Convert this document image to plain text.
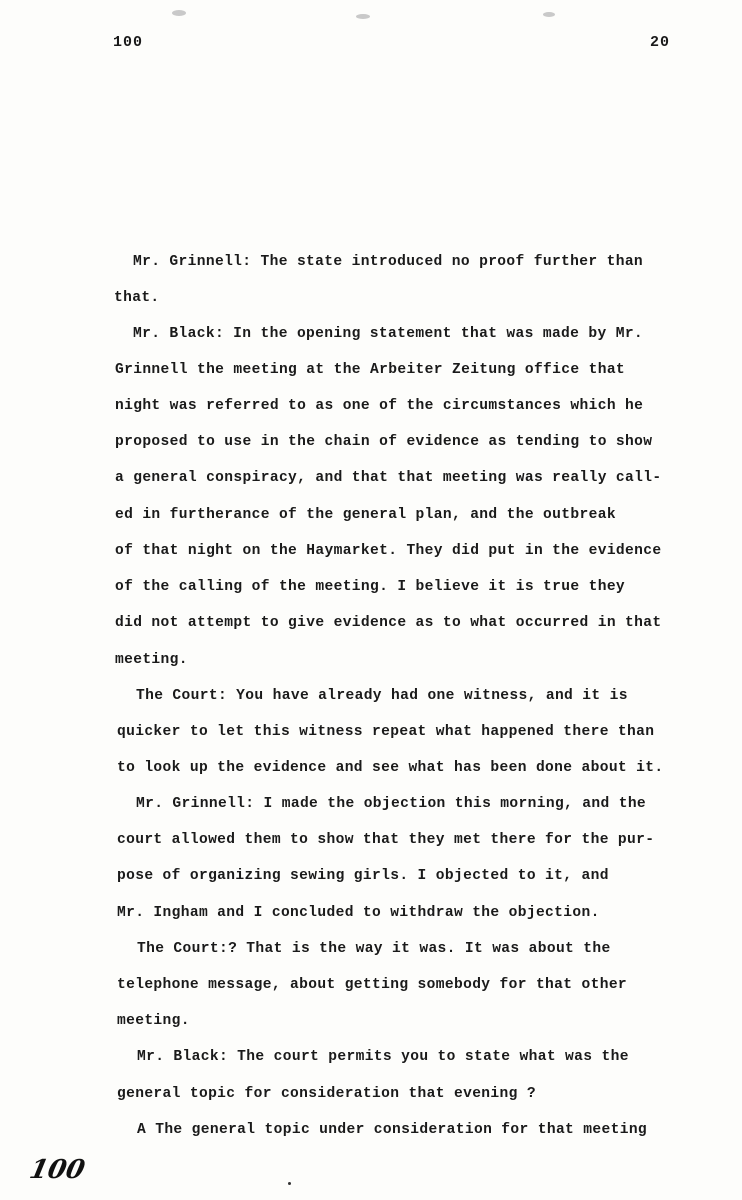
100	20
Mr. Grinnell: The state introduced no proof further than
that.
Mr. Black: In the opening statement that was made by Mr.
Grinnell the meeting at the Arbeiter Zeitung office that
night was referred to as one of the circumstances which he
proposed to use in the chain of evidence as tending to show
a general conspiracy, and that that meeting was really call-
ed in furtherance of the general plan, and the outbreak
of that night on the Haymarket. They did put in the evidence
of the calling of the meeting. I believe it is true they
did not attempt to give evidence as to what occurred in that
meeting.
The Court: You have already had one witness, and it is
quicker to let this witness repeat what happened there than
to look up the evidence and see what has been done about it.
Mr. Grinnell: I made the objection this morning, and the
court allowed them to show that they met there for the pur-
pose of organizing sewing girls. I objected to it, and
Mr. Ingham and I concluded to withdraw the objection.
The Court:? That is the way it was. It was about the
telephone message, about getting somebody for that other
meeting.
Mr. Black: The court permits you to state what was the
general topic for consideration that evening ?
A The general topic under consideration for that meeting
100
